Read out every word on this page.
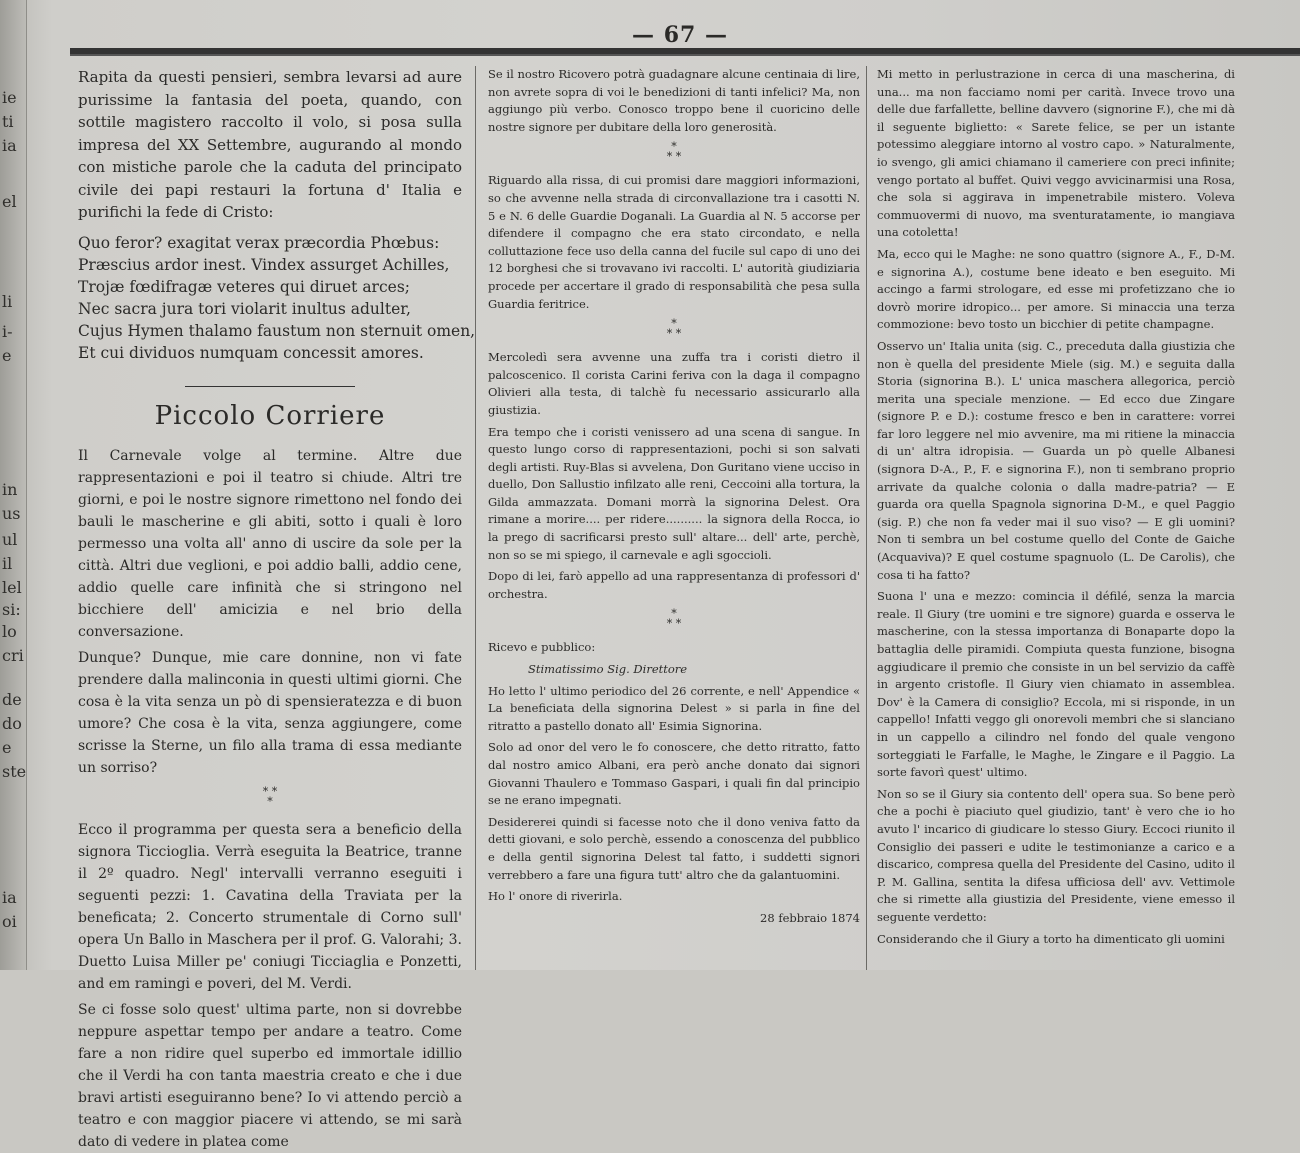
ie
ti
ia
el
li
i-
e
in
us
ul
il
lel
si:
lo
cri
de
do
e
ste
ia
oi
— 67 —

Rapita da questi pensieri, sembra levarsi ad aure purissime la fantasia del poeta, quando, con sottile magistero raccolto il volo, si posa sulla impresa del XX Settembre, augurando al mondo con mistiche parole che la caduta del principato civile dei papi restauri la fortuna d' Italia e purifichi la fede di Cristo:

Quo feror? exagitat verax præcordia Phœbus:

Præscius ardor inest. Vindex assurget Achilles,

Trojæ fœdifragæ veteres qui diruet arces;

Nec sacra jura tori violarit inultus adulter,

Cujus Hymen thalamo faustum non sternuit omen,

Et cui dividuos numquam concessit amores.

Piccolo Corriere

Il Carnevale volge al termine. Altre due rappresentazioni e poi il teatro si chiude. Altri tre giorni, e poi le nostre signore rimettono nel fondo dei bauli le mascherine e gli abiti, sotto i quali è loro permesso una volta all' anno di uscire da sole per la città. Altri due veglioni, e poi addio balli, addio cene, addio quelle care infinità che si stringono nel bicchiere dell' amicizia e nel brio della conversazione.

Dunque? Dunque, mie care donnine, non vi fate prendere dalla malinconia in questi ultimi giorni. Che cosa è la vita senza un pò di spensieratezza e di buon umore? Che cosa è la vita, senza aggiungere, come scrisse la Sterne, un filo alla trama di essa mediante un sorriso?

* *
*

Ecco il programma per questa sera a beneficio della signora Ticcioglia. Verrà eseguita la Beatrice, tranne il 2º quadro. Negl' intervalli verranno eseguiti i seguenti pezzi: 1. Cavatina della Traviata per la beneficata; 2. Concerto strumentale di Corno sull' opera Un Ballo in Maschera per il prof. G. Valorahi; 3. Duetto Luisa Miller pe' coniugi Ticciaglia e Ponzetti, and em ramingi e poveri, del M. Verdi.

Se ci fosse solo quest' ultima parte, non si dovrebbe neppure aspettar tempo per andare a teatro. Come fare a non ridire quel superbo ed immortale idillio che il Verdi ha con tanta maestria creato e che i due bravi artisti eseguiranno bene? Io vi attendo perciò a teatro e con maggior piacere vi attendo, se mi sarà dato di vedere in platea come

Se il nostro Ricovero potrà guadagnare alcune centinaia di lire, non avrete sopra di voi le benedizioni di tanti infelici? Ma, non aggiungo più verbo. Conosco troppo bene il cuoricino delle nostre signore per dubitare della loro generosità.

*
* *

Riguardo alla rissa, di cui promisi dare maggiori informazioni, so che avvenne nella strada di circonvallazione tra i casotti N. 5 e N. 6 delle Guardie Doganali. La Guardia al N. 5 accorse per difendere il compagno che era stato circondato, e nella colluttazione fece uso della canna del fucile sul capo di uno dei 12 borghesi che si trovavano ivi raccolti. L' autorità giudiziaria procede per accertare il grado di responsabilità che pesa sulla Guardia feritrice.

*
* *

Mercoledì sera avvenne una zuffa tra i coristi dietro il palcoscenico. Il corista Carini feriva con la daga il compagno Olivieri alla testa, di talchè fu necessario assicurarlo alla giustizia.

Era tempo che i coristi venissero ad una scena di sangue. In questo lungo corso di rappresentazioni, pochi si son salvati degli artisti. Ruy-Blas si avvelena, Don Guritano viene ucciso in duello, Don Sallustio infilzato alle reni, Ceccoini alla tortura, la Gilda ammazzata. Domani morrà la signorina Delest. Ora rimane a morire.... per ridere.......... la signora della Rocca, io la prego di sacrificarsi presto sull' altare... dell' arte, perchè, non so se mi spiego, il carnevale e agli sgoccioli.

Dopo di lei, farò appello ad una rappresentanza di professori d' orchestra.

*
* *

Ricevo e pubblico:

Stimatissimo Sig. Direttore

Ho letto l' ultimo periodico del 26 corrente, e nell' Appendice « La beneficiata della signorina Delest » si parla in fine del ritratto a pastello donato all' Esimia Signorina.

Solo ad onor del vero le fo conoscere, che detto ritratto, fatto dal nostro amico Albani, era però anche donato dai signori Giovanni Thaulero e Tommaso Gaspari, i quali fin dal principio se ne erano impegnati.

Desidererei quindi si facesse noto che il dono veniva fatto da detti giovani, e solo perchè, essendo a conoscenza del pubblico e della gentil signorina Delest tal fatto, i suddetti signori verrebbero a fare una figura tutt' altro che da galantuomini.

Ho l' onore di riverirla.

28 febbraio 1874

Mi metto in perlustrazione in cerca di una mascherina, di una... ma non facciamo nomi per carità. Invece trovo una delle due farfallette, belline davvero (signorine F.), che mi dà il seguente biglietto: « Sarete felice, se per un istante potessimo aleggiare intorno al vostro capo. » Naturalmente, io svengo, gli amici chiamano il cameriere con preci infinite; vengo portato al buffet. Quivi veggo avvicinarmisi una Rosa, che sola si aggirava in impenetrabile mistero. Voleva commuovermi di nuovo, ma sventuratamente, io mangiava una cotoletta!

Ma, ecco qui le Maghe: ne sono quattro (signore A., F., D-M. e signorina A.), costume bene ideato e ben eseguito. Mi accingo a farmi strologare, ed esse mi profetizzano che io dovrò morire idropico... per amore. Si minaccia una terza commozione: bevo tosto un bicchier di petite champagne.

Osservo un' Italia unita (sig. C., preceduta dalla giustizia che non è quella del presidente Miele (sig. M.) e seguita dalla Storia (signorina B.). L' unica maschera allegorica, perciò merita una speciale menzione. — Ed ecco due Zingare (signore P. e D.): costume fresco e ben in carattere: vorrei far loro leggere nel mio avvenire, ma mi ritiene la minaccia di un' altra idropisia. — Guarda un pò quelle Albanesi (signora D-A., P., F. e signorina F.), non ti sembrano proprio arrivate da qualche colonia o dalla madre-patria? — E guarda ora quella Spagnola signorina D-M., e quel Paggio (sig. P.) che non fa veder mai il suo viso? — E gli uomini? Non ti sembra un bel costume quello del Conte de Gaiche (Acquaviva)? E quel costume spagnuolo (L. De Carolis), che cosa ti ha fatto?

Suona l' una e mezzo: comincia il défilé, senza la marcia reale. Il Giury (tre uomini e tre signore) guarda e osserva le mascherine, con la stessa importanza di Bonaparte dopo la battaglia delle piramidi. Compiuta questa funzione, bisogna aggiudicare il premio che consiste in un bel servizio da caffè in argento cristofle. Il Giury vien chiamato in assemblea. Dov' è la Camera di consiglio? Eccola, mi si risponde, in un cappello! Infatti veggo gli onorevoli membri che si slanciano in un cappello a cilindro nel fondo del quale vengono sorteggiati le Farfalle, le Maghe, le Zingare e il Paggio. La sorte favorì quest' ultimo.

Non so se il Giury sia contento dell' opera sua. So bene però che a pochi è piaciuto quel giudizio, tant' è vero che io ho avuto l' incarico di giudicare lo stesso Giury. Eccoci riunito il Consiglio dei passeri e udite le testimonianze a carico e a discarico, compresa quella del Presidente del Casino, udito il P. M. Gallina, sentita la difesa ufficiosa dell' avv. Vettimole che si rimette alla giustizia del Presidente, viene emesso il seguente verdetto:

Considerando che il Giury a torto ha dimenticato gli uomini
